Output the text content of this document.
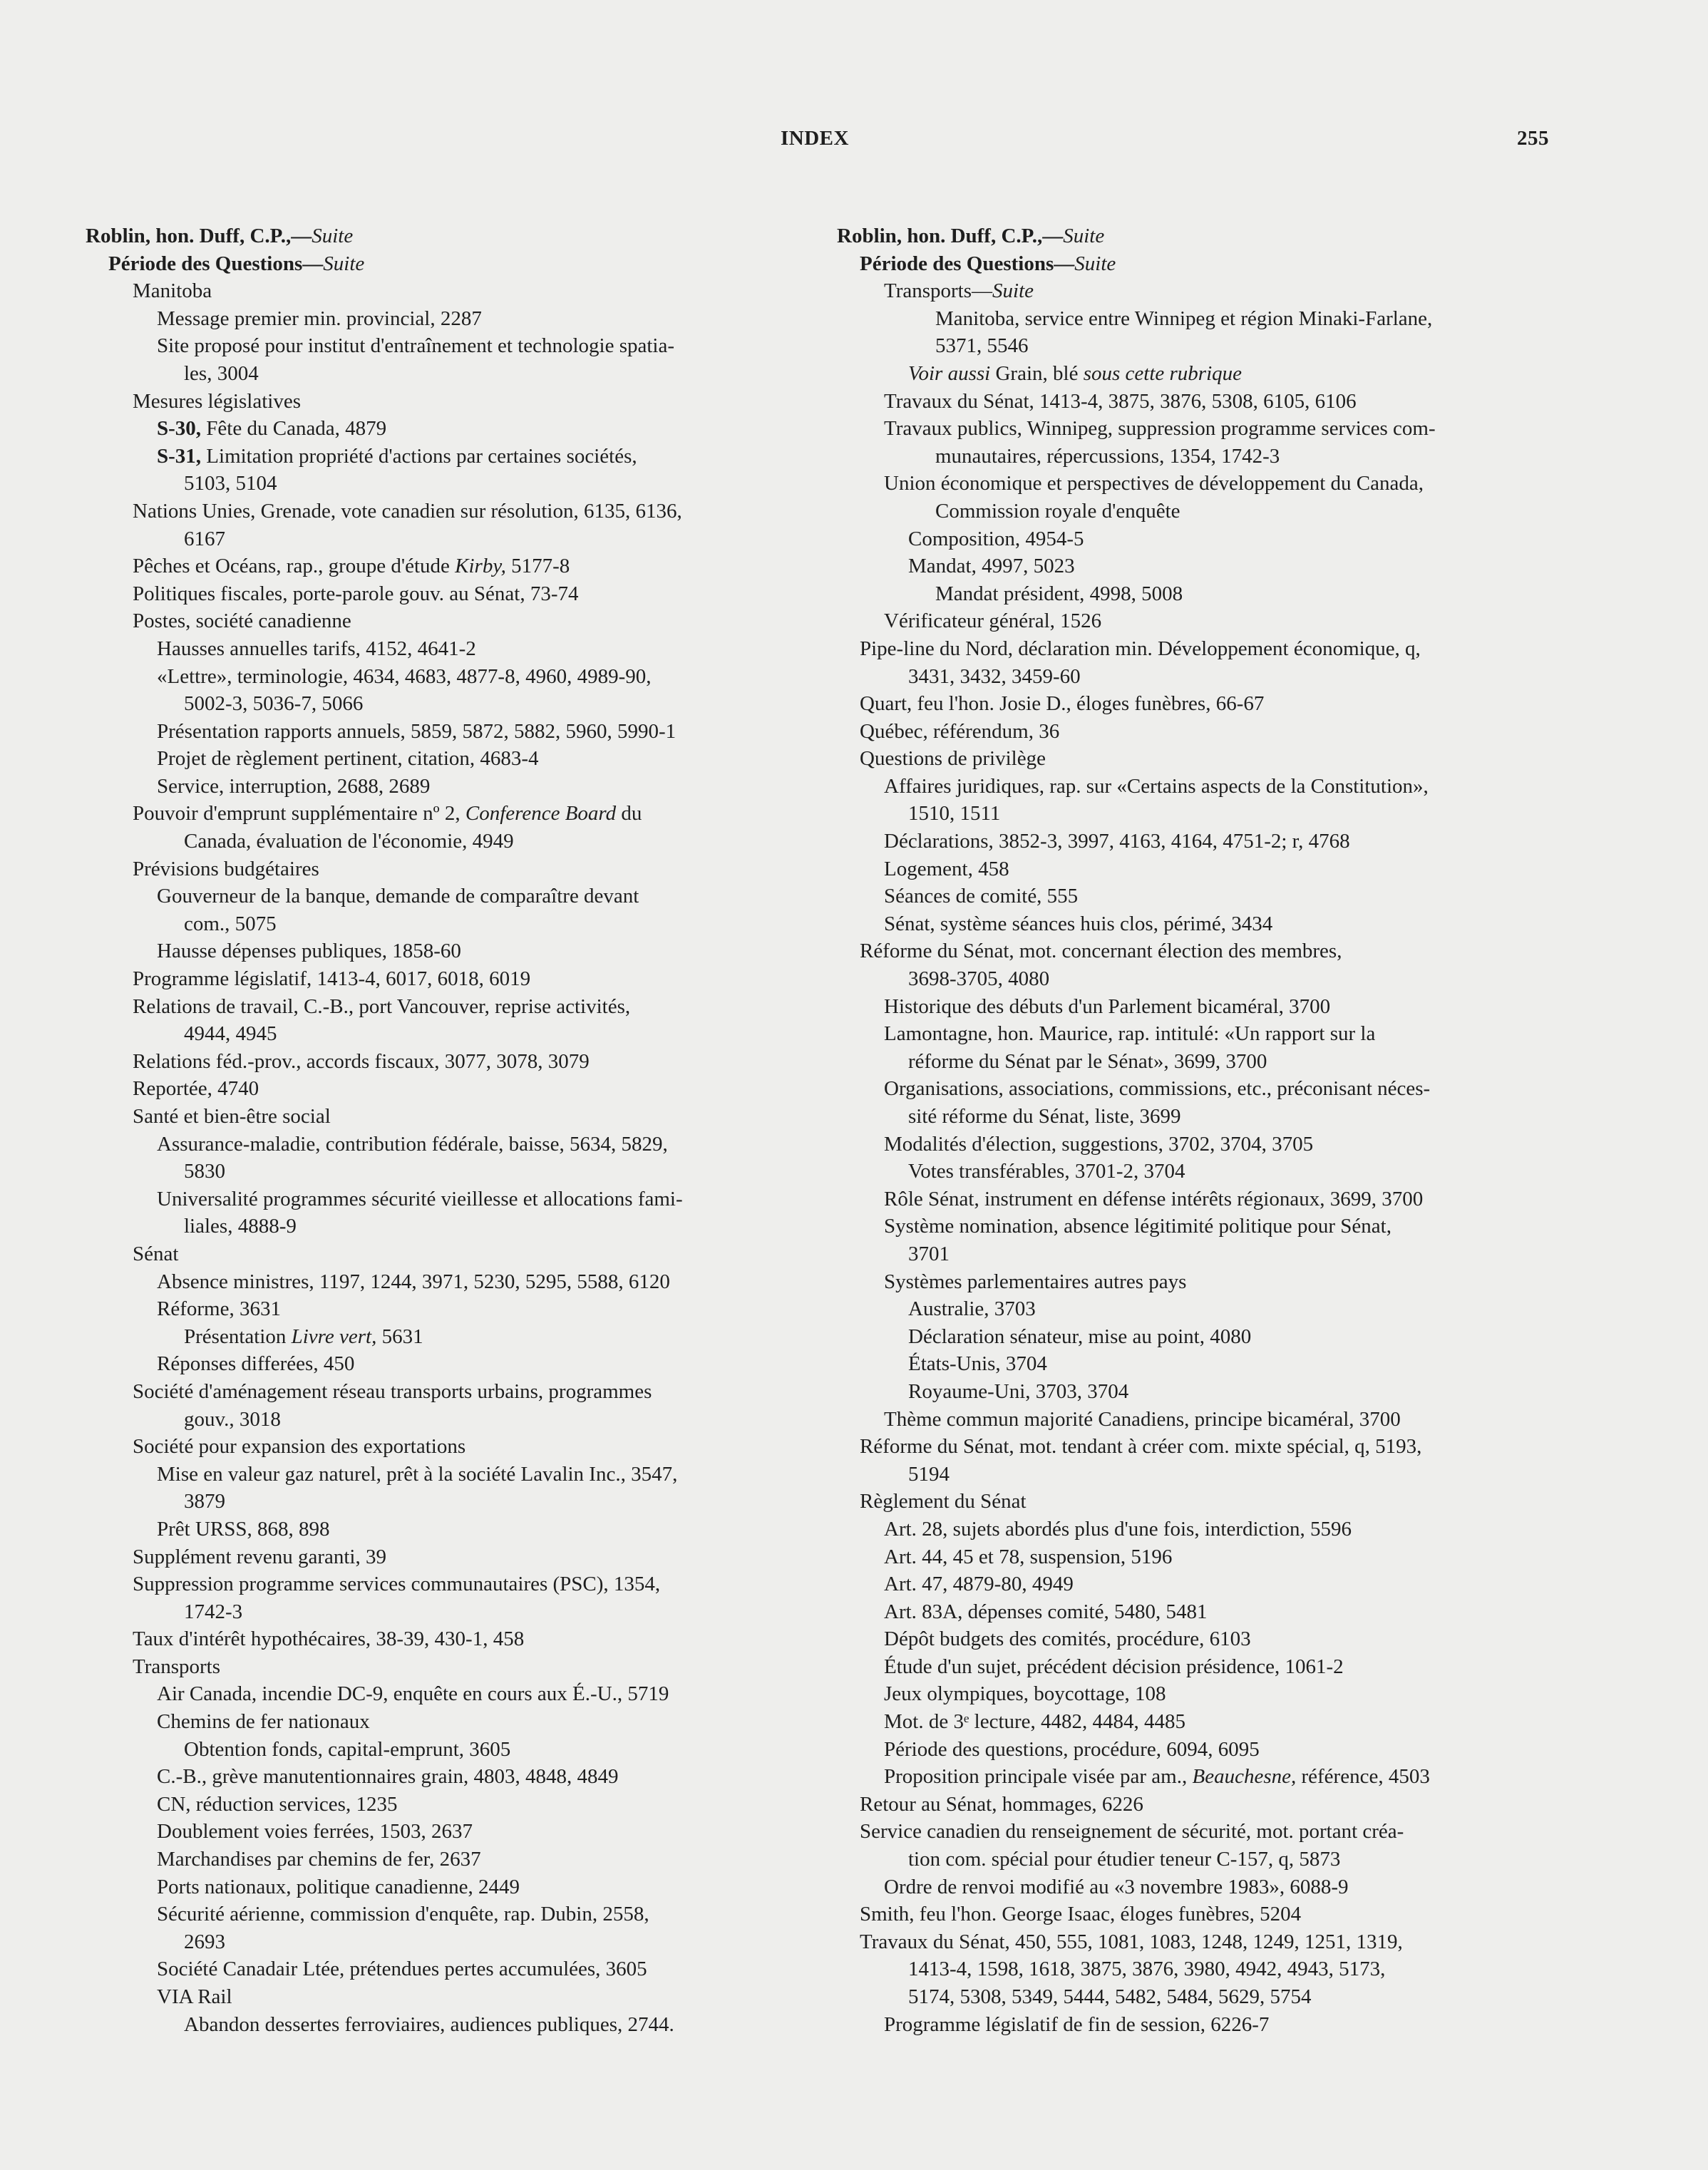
INDEX	255
Roblin, hon. Duff, C.P.,—Suite
Période des Questions—Suite
Manitoba
Message premier min. provincial, 2287
Site proposé pour institut d'entraînement et technologie spatia-
les, 3004
Mesures législatives
S-30, Fête du Canada, 4879
S-31, Limitation propriété d'actions par certaines sociétés,
5103, 5104
Nations Unies, Grenade, vote canadien sur résolution, 6135, 6136,
6167
Pêches et Océans, rap., groupe d'étude Kirby, 5177-8
Politiques fiscales, porte-parole gouv. au Sénat, 73-74
Postes, société canadienne
Hausses annuelles tarifs, 4152, 4641-2
«Lettre», terminologie, 4634, 4683, 4877-8, 4960, 4989-90,
5002-3, 5036-7, 5066
Présentation rapports annuels, 5859, 5872, 5882, 5960, 5990-1
Projet de règlement pertinent, citation, 4683-4
Service, interruption, 2688, 2689
Pouvoir d'emprunt supplémentaire nº 2, Conference Board du
Canada, évaluation de l'économie, 4949
Prévisions budgétaires
Gouverneur de la banque, demande de comparaître devant
com., 5075
Hausse dépenses publiques, 1858-60
Programme législatif, 1413-4, 6017, 6018, 6019
Relations de travail, C.-B., port Vancouver, reprise activités,
4944, 4945
Relations féd.-prov., accords fiscaux, 3077, 3078, 3079
Reportée, 4740
Santé et bien-être social
Assurance-maladie, contribution fédérale, baisse, 5634, 5829,
5830
Universalité programmes sécurité vieillesse et allocations fami-
liales, 4888-9
Sénat
Absence ministres, 1197, 1244, 3971, 5230, 5295, 5588, 6120
Réforme, 3631
Présentation Livre vert, 5631
Réponses differées, 450
Société d'aménagement réseau transports urbains, programmes
gouv., 3018
Société pour expansion des exportations
Mise en valeur gaz naturel, prêt à la société Lavalin Inc., 3547,
3879
Prêt URSS, 868, 898
Supplément revenu garanti, 39
Suppression programme services communautaires (PSC), 1354,
1742-3
Taux d'intérêt hypothécaires, 38-39, 430-1, 458
Transports
Air Canada, incendie DC-9, enquête en cours aux É.-U., 5719
Chemins de fer nationaux
Obtention fonds, capital-emprunt, 3605
C.-B., grève manutentionnaires grain, 4803, 4848, 4849
CN, réduction services, 1235
Doublement voies ferrées, 1503, 2637
Marchandises par chemins de fer, 2637
Ports nationaux, politique canadienne, 2449
Sécurité aérienne, commission d'enquête, rap. Dubin, 2558,
2693
Société Canadair Ltée, prétendues pertes accumulées, 3605
VIA Rail
Abandon dessertes ferroviaires, audiences publiques, 2744.
Roblin, hon. Duff, C.P.,—Suite
Période des Questions—Suite
Transports—Suite
Manitoba, service entre Winnipeg et région Minaki-Farlane,
5371, 5546
Voir aussi Grain, blé sous cette rubrique
Travaux du Sénat, 1413-4, 3875, 3876, 5308, 6105, 6106
Travaux publics, Winnipeg, suppression programme services com-
munautaires, répercussions, 1354, 1742-3
Union économique et perspectives de développement du Canada,
Commission royale d'enquête
Composition, 4954-5
Mandat, 4997, 5023
Mandat président, 4998, 5008
Vérificateur général, 1526
Pipe-line du Nord, déclaration min. Développement économique, q,
3431, 3432, 3459-60
Quart, feu l'hon. Josie D., éloges funèbres, 66-67
Québec, référendum, 36
Questions de privilège
Affaires juridiques, rap. sur «Certains aspects de la Constitution»,
1510, 1511
Déclarations, 3852-3, 3997, 4163, 4164, 4751-2; r, 4768
Logement, 458
Séances de comité, 555
Sénat, système séances huis clos, périmé, 3434
Réforme du Sénat, mot. concernant élection des membres,
3698-3705, 4080
Historique des débuts d'un Parlement bicaméral, 3700
Lamontagne, hon. Maurice, rap. intitulé: «Un rapport sur la
réforme du Sénat par le Sénat», 3699, 3700
Organisations, associations, commissions, etc., préconisant néces-
sité réforme du Sénat, liste, 3699
Modalités d'élection, suggestions, 3702, 3704, 3705
Votes transférables, 3701-2, 3704
Rôle Sénat, instrument en défense intérêts régionaux, 3699, 3700
Système nomination, absence légitimité politique pour Sénat,
3701
Systèmes parlementaires autres pays
Australie, 3703
Déclaration sénateur, mise au point, 4080
États-Unis, 3704
Royaume-Uni, 3703, 3704
Thème commun majorité Canadiens, principe bicaméral, 3700
Réforme du Sénat, mot. tendant à créer com. mixte spécial, q, 5193,
5194
Règlement du Sénat
Art. 28, sujets abordés plus d'une fois, interdiction, 5596
Art. 44, 45 et 78, suspension, 5196
Art. 47, 4879-80, 4949
Art. 83A, dépenses comité, 5480, 5481
Dépôt budgets des comités, procédure, 6103
Étude d'un sujet, précédent décision présidence, 1061-2
Jeux olympiques, boycottage, 108
Mot. de 3ᵉ lecture, 4482, 4484, 4485
Période des questions, procédure, 6094, 6095
Proposition principale visée par am., Beauchesne, référence, 4503
Retour au Sénat, hommages, 6226
Service canadien du renseignement de sécurité, mot. portant créa-
tion com. spécial pour étudier teneur C-157, q, 5873
Ordre de renvoi modifié au «3 novembre 1983», 6088-9
Smith, feu l'hon. George Isaac, éloges funèbres, 5204
Travaux du Sénat, 450, 555, 1081, 1083, 1248, 1249, 1251, 1319,
1413-4, 1598, 1618, 3875, 3876, 3980, 4942, 4943, 5173,
5174, 5308, 5349, 5444, 5482, 5484, 5629, 5754
Programme législatif de fin de session, 6226-7
